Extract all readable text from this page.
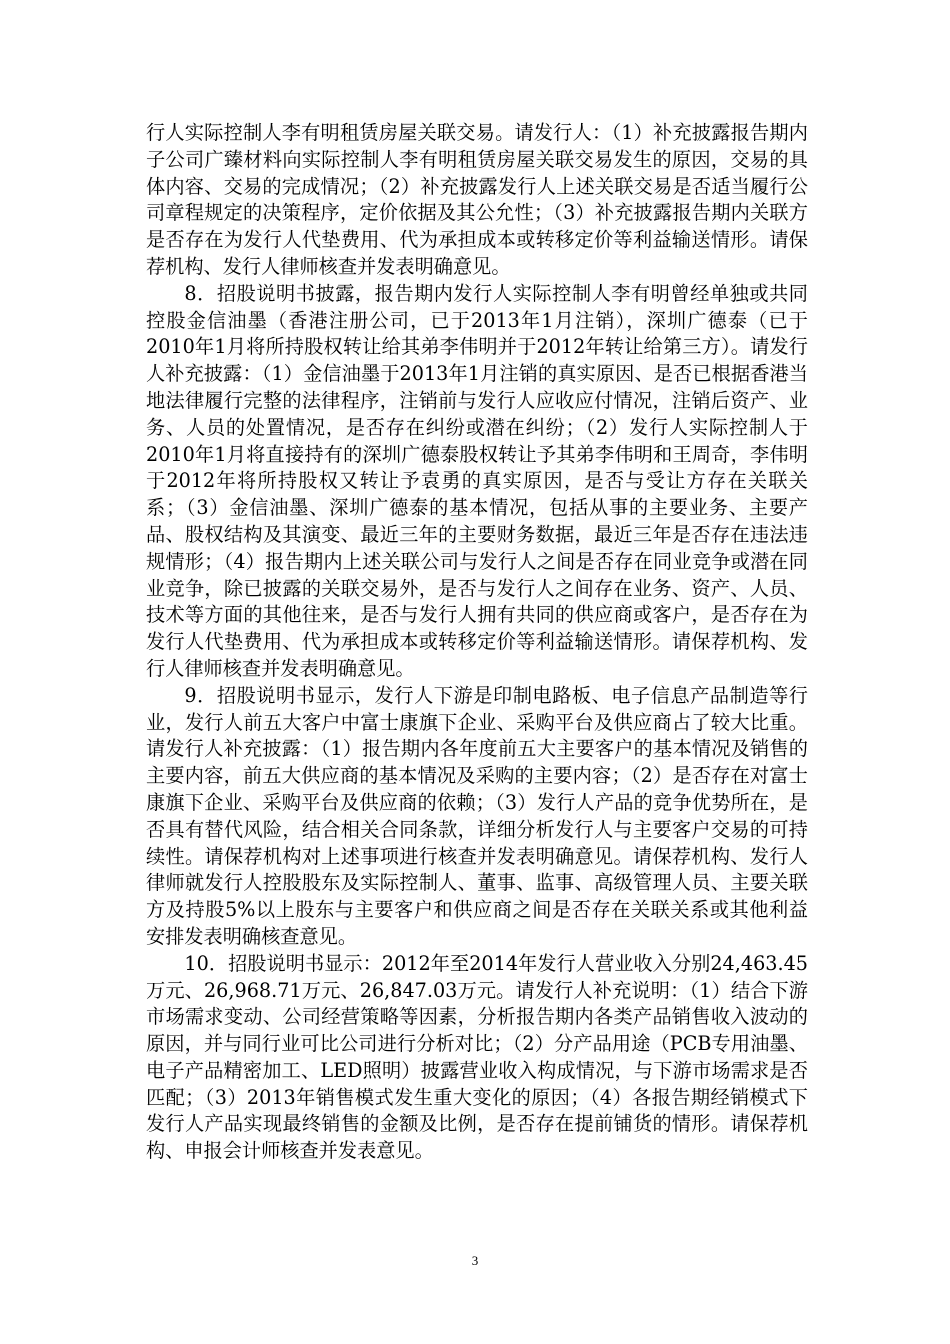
行人实际控制人李有明租赁房屋关联交易。请发行人：（1）补充披露报告期内子公司广臻材料向实际控制人李有明租赁房屋关联交易发生的原因，交易的具体内容、交易的完成情况；（2）补充披露发行人上述关联交易是否适当履行公司章程规定的决策程序，定价依据及其公允性；（3）补充披露报告期内关联方是否存在为发行人代垫费用、代为承担成本或转移定价等利益输送情形。请保荐机构、发行人律师核查并发表明确意见。

8．招股说明书披露，报告期内发行人实际控制人李有明曾经单独或共同控股金信油墨（香港注册公司，已于2013年1月注销），深圳广德泰（已于2010年1月将所持股权转让给其弟李伟明并于2012年转让给第三方）。请发行人补充披露：（1）金信油墨于2013年1月注销的真实原因、是否已根据香港当地法律履行完整的法律程序，注销前与发行人应收应付情况，注销后资产、业务、人员的处置情况，是否存在纠纷或潜在纠纷；（2）发行人实际控制人于2010年1月将直接持有的深圳广德泰股权转让予其弟李伟明和王周奇，李伟明于2012年将所持股权又转让予袁勇的真实原因，是否与受让方存在关联关系；（3）金信油墨、深圳广德泰的基本情况，包括从事的主要业务、主要产品、股权结构及其演变、最近三年的主要财务数据，最近三年是否存在违法违规情形；（4）报告期内上述关联公司与发行人之间是否存在同业竞争或潜在同业竞争，除已披露的关联交易外，是否与发行人之间存在业务、资产、人员、技术等方面的其他往来，是否与发行人拥有共同的供应商或客户，是否存在为发行人代垫费用、代为承担成本或转移定价等利益输送情形。请保荐机构、发行人律师核查并发表明确意见。

9．招股说明书显示，发行人下游是印制电路板、电子信息产品制造等行业，发行人前五大客户中富士康旗下企业、采购平台及供应商占了较大比重。请发行人补充披露：（1）报告期内各年度前五大主要客户的基本情况及销售的主要内容，前五大供应商的基本情况及采购的主要内容；（2）是否存在对富士康旗下企业、采购平台及供应商的依赖；（3）发行人产品的竞争优势所在，是否具有替代风险，结合相关合同条款，详细分析发行人与主要客户交易的可持续性。请保荐机构对上述事项进行核查并发表明确意见。请保荐机构、发行人律师就发行人控股股东及实际控制人、董事、监事、高级管理人员、主要关联方及持股5%以上股东与主要客户和供应商之间是否存在关联关系或其他利益安排发表明确核查意见。

10．招股说明书显示：2012年至2014年发行人营业收入分别24,463.45万元、26,968.71万元、26,847.03万元。请发行人补充说明：（1）结合下游市场需求变动、公司经营策略等因素，分析报告期内各类产品销售收入波动的原因，并与同行业可比公司进行分析对比；（2）分产品用途（PCB专用油墨、电子产品精密加工、LED照明）披露营业收入构成情况，与下游市场需求是否匹配；（3）2013年销售模式发生重大变化的原因；（4）各报告期经销模式下发行人产品实现最终销售的金额及比例，是否存在提前铺货的情形。请保荐机构、申报会计师核查并发表意见。

3
